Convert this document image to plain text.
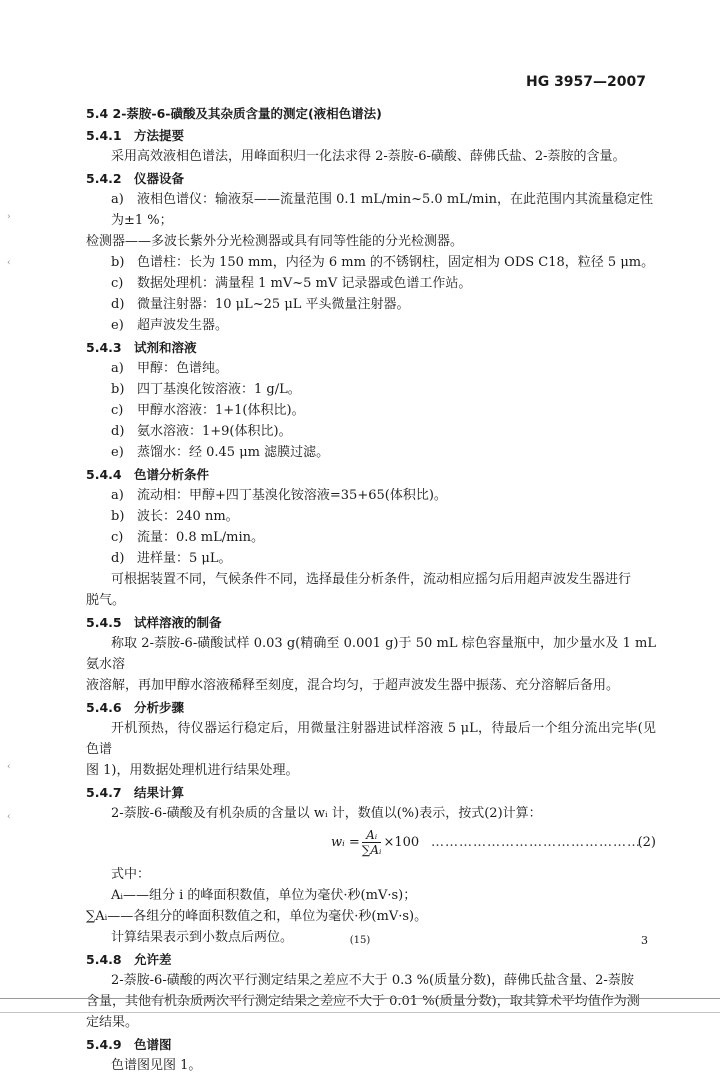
HG 3957—2007
›
‹
‹
‹
5.4 2-萘胺-6-磺酸及其杂质含量的测定(液相色谱法)
5.4.1 方法提要
采用高效液相色谱法，用峰面积归一化法求得 2-萘胺-6-磺酸、薛佛氏盐、2-萘胺的含量。
5.4.2 仪器设备
a) 液相色谱仪：输液泵——流量范围 0.1 mL/min~5.0 mL/min，在此范围内其流量稳定性为±1 %；
检测器——多波长紫外分光检测器或具有同等性能的分光检测器。
b) 色谱柱：长为 150 mm，内径为 6 mm 的不锈钢柱，固定相为 ODS C18，粒径 5 μm。
c) 数据处理机：满量程 1 mV~5 mV 记录器或色谱工作站。
d) 微量注射器：10 μL~25 μL 平头微量注射器。
e) 超声波发生器。
5.4.3 试剂和溶液
a) 甲醇：色谱纯。
b) 四丁基溴化铵溶液：1 g/L。
c) 甲醇水溶液：1+1(体积比)。
d) 氨水溶液：1+9(体积比)。
e) 蒸馏水：经 0.45 μm 滤膜过滤。
5.4.4 色谱分析条件
a) 流动相：甲醇+四丁基溴化铵溶液=35+65(体积比)。
b) 波长：240 nm。
c) 流量：0.8 mL/min。
d) 进样量：5 μL。
可根据装置不同，气候条件不同，选择最佳分析条件，流动相应摇匀后用超声波发生器进行
脱气。
5.4.5 试样溶液的制备
称取 2-萘胺-6-磺酸试样 0.03 g(精确至 0.001 g)于 50 mL 棕色容量瓶中，加少量水及 1 mL 氨水溶
液溶解，再加甲醇水溶液稀释至刻度，混合均匀，于超声波发生器中振荡、充分溶解后备用。
5.4.6 分析步骤
开机预热，待仪器运行稳定后，用微量注射器进试样溶液 5 μL，待最后一个组分流出完毕(见色谱
图 1)，用数据处理机进行结果处理。
5.4.7 结果计算
2-萘胺-6-磺酸及有机杂质的含量以 wᵢ 计，数值以(%)表示，按式(2)计算：
wᵢ = $\frac{\text{Aᵢ}}{\text{∑Aᵢ}} \times 100$ ………………………………………
(2)
式中：
Aᵢ——组分 i 的峰面积数值，单位为毫伏·秒(mV·s)；
∑Aᵢ——各组分的峰面积数值之和，单位为毫伏·秒(mV·s)。
计算结果表示到小数点后两位。
5.4.8 允许差
2-萘胺-6-磺酸的两次平行测定结果之差应不大于 0.3 %(质量分数)，薛佛氏盐含量、2-萘胺
含量，其他有机杂质两次平行测定结果之差应不大于 0.01 %(质量分数)，取其算术平均值作为测
定结果。
5.4.9 色谱图
色谱图见图 1。
(15)	3
